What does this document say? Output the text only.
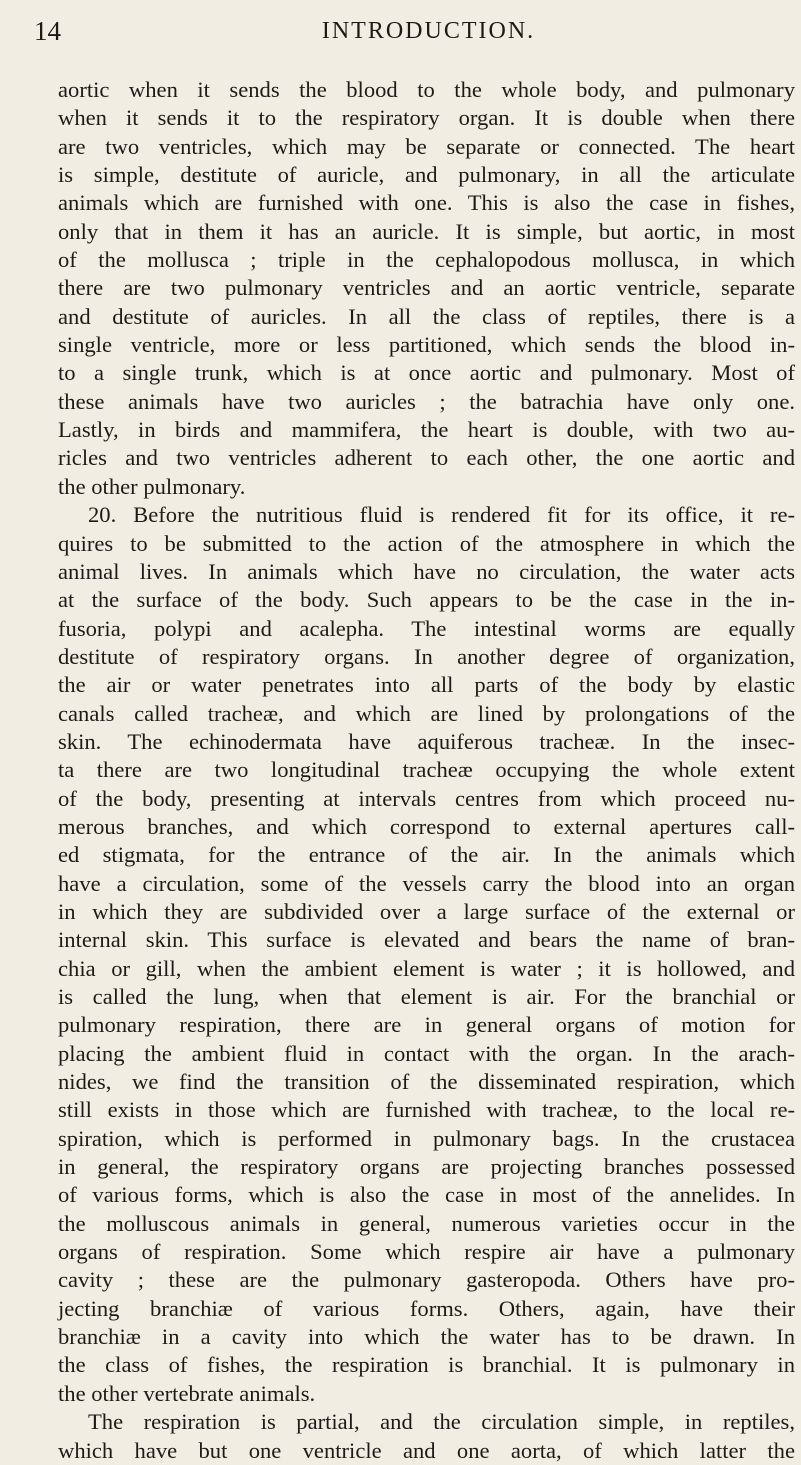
14	INTRODUCTION.
aortic when it sends the blood to the whole body, and pulmonary
when it sends it to the respiratory organ. It is double when there
are two ventricles, which may be separate or connected. The heart
is simple, destitute of auricle, and pulmonary, in all the articulate
animals which are furnished with one. This is also the case in fishes,
only that in them it has an auricle. It is simple, but aortic, in most
of the mollusca ; triple in the cephalopodous mollusca, in which
there are two pulmonary ventricles and an aortic ventricle, separate
and destitute of auricles. In all the class of reptiles, there is a
single ventricle, more or less partitioned, which sends the blood in-
to a single trunk, which is at once aortic and pulmonary. Most of
these animals have two auricles ; the batrachia have only one.
Lastly, in birds and mammifera, the heart is double, with two au-
ricles and two ventricles adherent to each other, the one aortic and
the other pulmonary.
20. Before the nutritious fluid is rendered fit for its office, it re-
quires to be submitted to the action of the atmosphere in which the
animal lives. In animals which have no circulation, the water acts
at the surface of the body. Such appears to be the case in the in-
fusoria, polypi and acalepha. The intestinal worms are equally
destitute of respiratory organs. In another degree of organization,
the air or water penetrates into all parts of the body by elastic
canals called tracheæ, and which are lined by prolongations of the
skin. The echinodermata have aquiferous tracheæ. In the insec-
ta there are two longitudinal tracheæ occupying the whole extent
of the body, presenting at intervals centres from which proceed nu-
merous branches, and which correspond to external apertures call-
ed stigmata, for the entrance of the air. In the animals which
have a circulation, some of the vessels carry the blood into an organ
in which they are subdivided over a large surface of the external or
internal skin. This surface is elevated and bears the name of bran-
chia or gill, when the ambient element is water ; it is hollowed, and
is called the lung, when that element is air. For the branchial or
pulmonary respiration, there are in general organs of motion for
placing the ambient fluid in contact with the organ. In the arach-
nides, we find the transition of the disseminated respiration, which
still exists in those which are furnished with tracheæ, to the local re-
spiration, which is performed in pulmonary bags. In the crustacea
in general, the respiratory organs are projecting branches possessed
of various forms, which is also the case in most of the annelides. In
the molluscous animals in general, numerous varieties occur in the
organs of respiration. Some which respire air have a pulmonary
cavity ; these are the pulmonary gasteropoda. Others have pro-
jecting branchiæ of various forms. Others, again, have their
branchiæ in a cavity into which the water has to be drawn. In
the class of fishes, the respiration is branchial. It is pulmonary in
the other vertebrate animals.
The respiration is partial, and the circulation simple, in reptiles,
which have but one ventricle and one aorta, of which latter the
